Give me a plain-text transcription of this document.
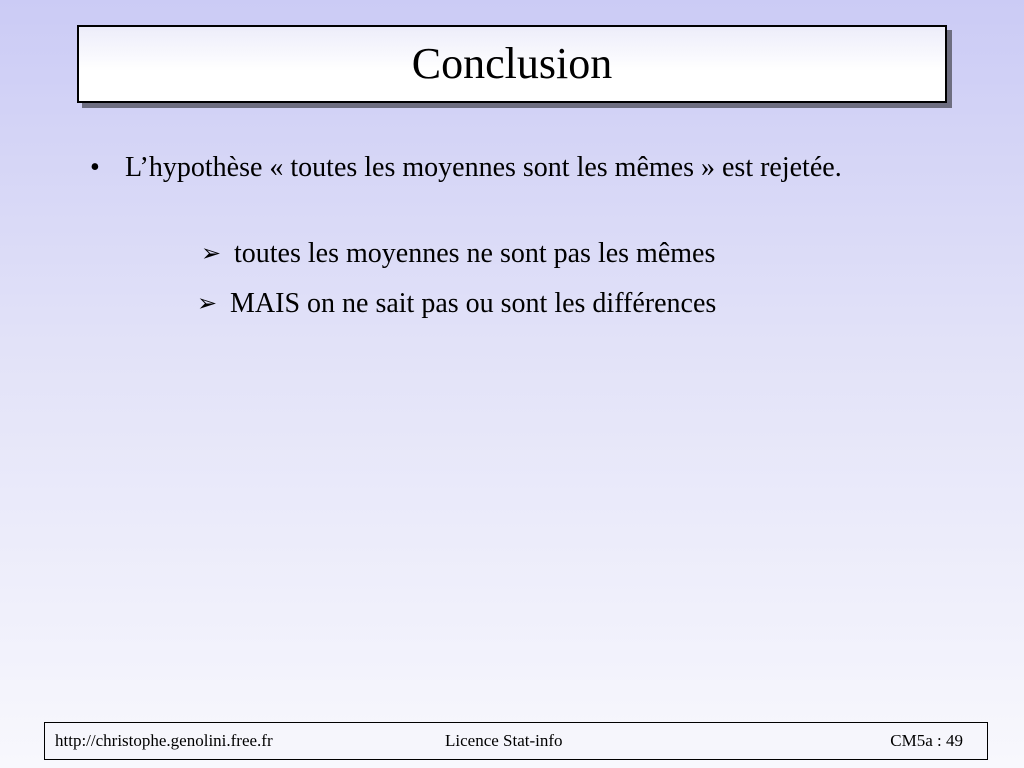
Conclusion
• L’hypothèse « toutes les moyennes sont les mêmes » est rejetée.
➢ toutes les moyennes ne sont pas les mêmes
➢ MAIS on ne sait pas ou sont les différences
http://christophe.genolini.free.fr	Licence Stat-info	CM5a : 49
